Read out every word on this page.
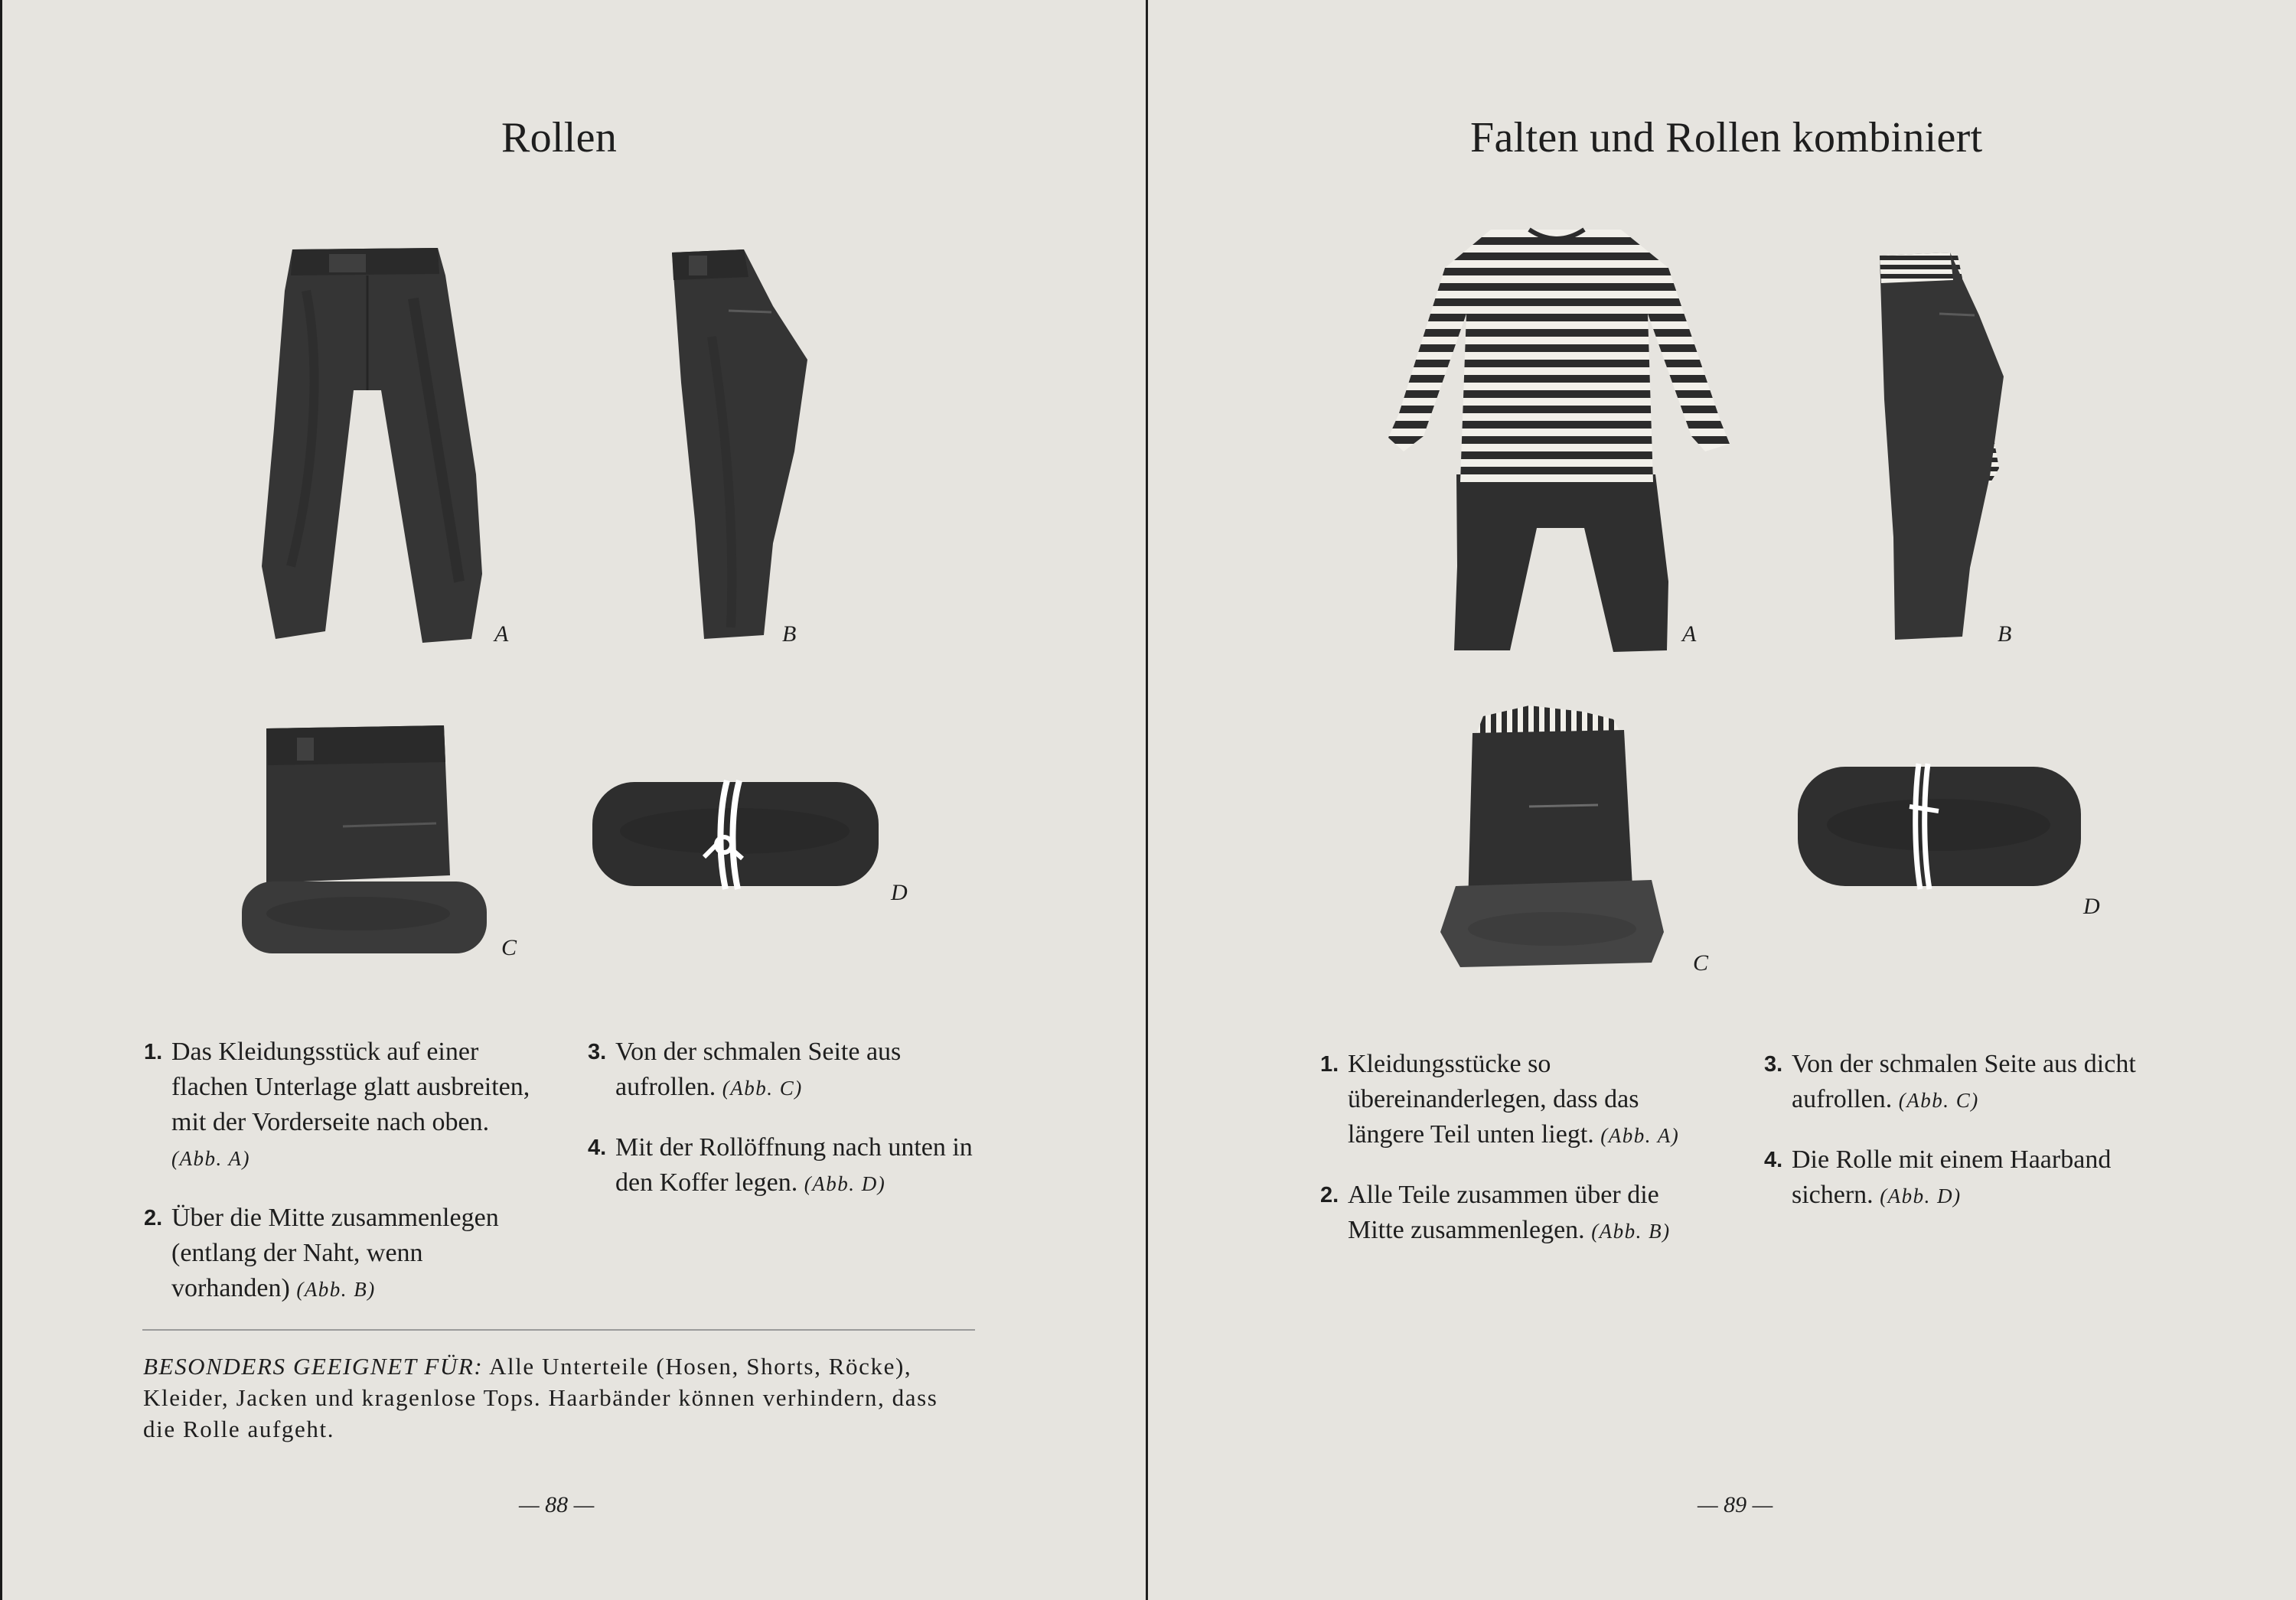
Rollen
A	B
C
D
1. Das Kleidungsstück auf einer flachen Unterlage glatt ausbreiten, mit der Vorderseite nach oben. (Abb. A)
2. Über die Mitte zusammenlegen (entlang der Naht, wenn vorhanden) (Abb. B)
3. Von der schmalen Seite aus aufrollen. (Abb. C)
4. Mit der Rollöffnung nach unten in den Koffer legen. (Abb. D)

BESONDERS GEEIGNET FÜR: Alle Unterteile (Hosen, Shorts, Röcke), Kleider, Jacken und kragenlose Tops. Haarbänder können verhindern, dass die Rolle aufgeht.

— 88 —
Falten und Rollen kombiniert
A	B
C
D
1. Kleidungsstücke so übereinanderlegen, dass das längere Teil unten liegt. (Abb. A)
2. Alle Teile zusammen über die Mitte zusammenlegen. (Abb. B)
3. Von der schmalen Seite aus dicht aufrollen. (Abb. C)
4. Die Rolle mit einem Haarband sichern. (Abb. D)
— 89 —
